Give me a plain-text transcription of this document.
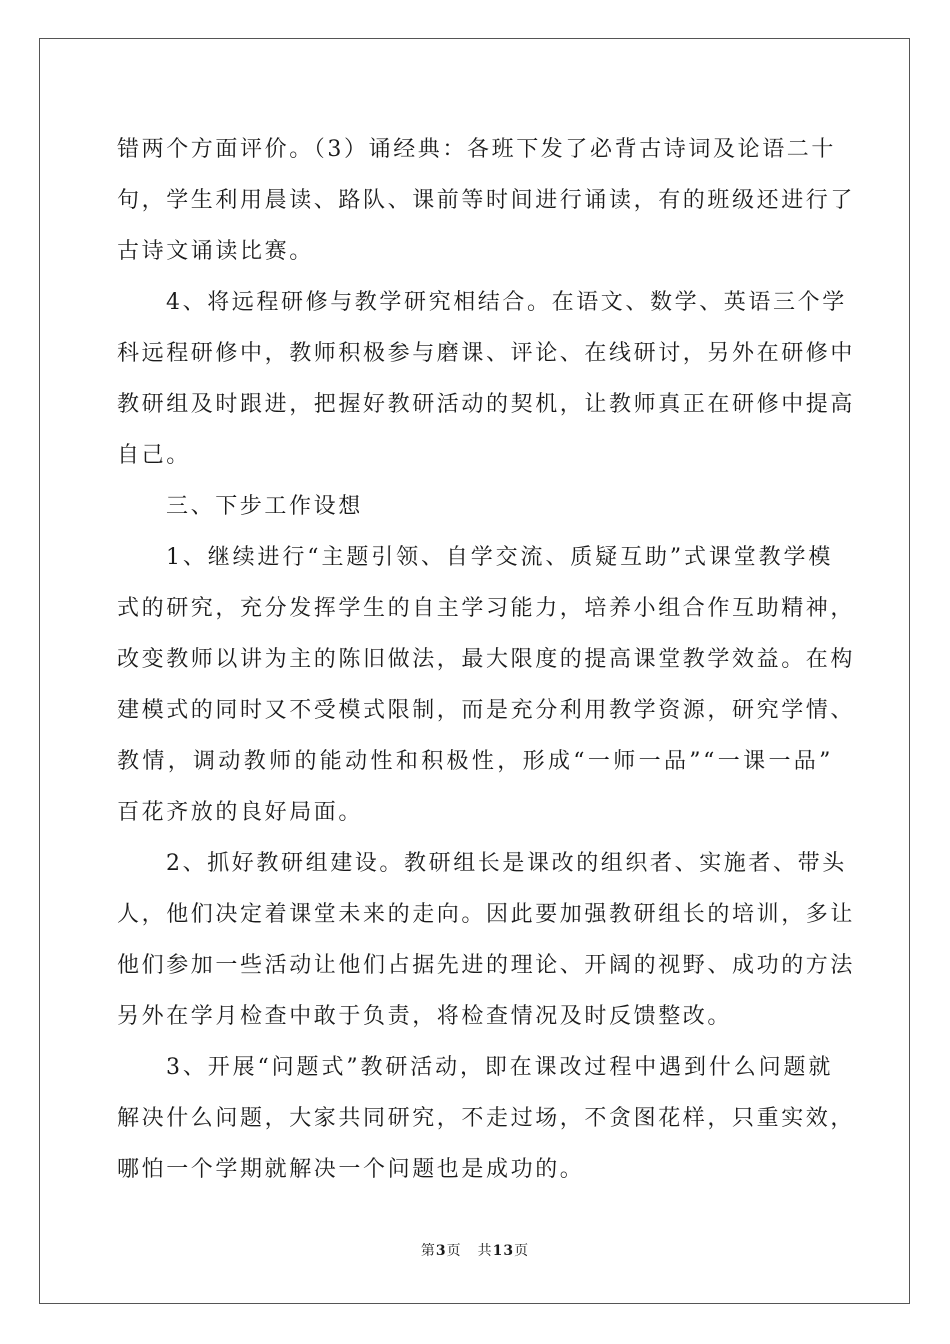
错两个方面评价。（3）诵经典：各班下发了必背古诗词及论语二十
句，学生利用晨读、路队、课前等时间进行诵读，有的班级还进行了
古诗文诵读比赛。

4、将远程研修与教学研究相结合。在语文、数学、英语三个学
科远程研修中，教师积极参与磨课、评论、在线研讨，另外在研修中
教研组及时跟进，把握好教研活动的契机，让教师真正在研修中提高
自己。

三、下步工作设想

1、继续进行“主题引领、自学交流、质疑互助”式课堂教学模
式的研究，充分发挥学生的自主学习能力，培养小组合作互助精神，
改变教师以讲为主的陈旧做法，最大限度的提高课堂教学效益。在构
建模式的同时又不受模式限制，而是充分利用教学资源，研究学情、
教情，调动教师的能动性和积极性，形成“一师一品”“一课一品”
百花齐放的良好局面。

2、抓好教研组建设。教研组长是课改的组织者、实施者、带头
人，他们决定着课堂未来的走向。因此要加强教研组长的培训，多让
他们参加一些活动让他们占据先进的理论、开阔的视野、成功的方法
另外在学月检查中敢于负责，将检查情况及时反馈整改。

3、开展“问题式”教研活动，即在课改过程中遇到什么问题就
解决什么问题，大家共同研究，不走过场，不贪图花样，只重实效，
哪怕一个学期就解决一个问题也是成功的。

第3页 共13页
